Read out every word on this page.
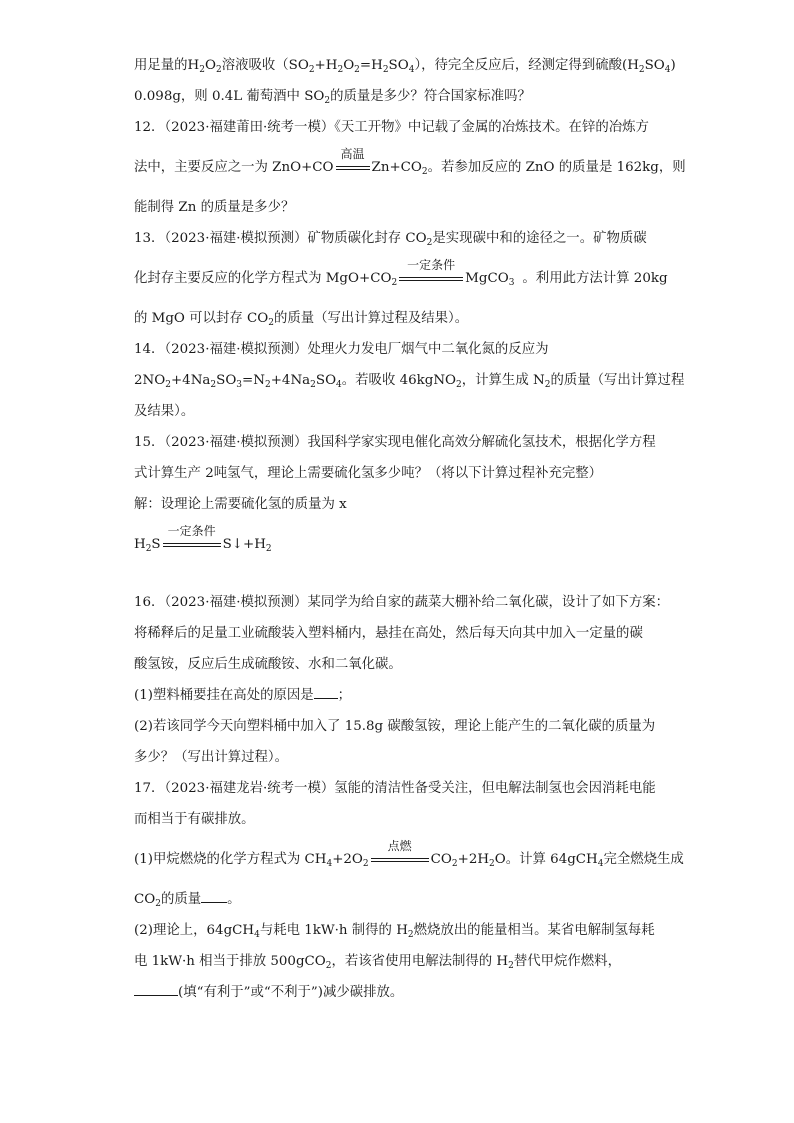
用足量的$H_2O_2$溶液吸收$(SO_2+H_2O_2=H_2SO_4)$，待完全反应后，经测定得到硫酸$(H_2SO_4)$

0.098g，则 0.4L 葡萄酒中 $SO_2$的质量是多少？符合国家标准吗？

12．（2023·福建莆田·统考一模）《天工开物》中记载了金属的冶炼技术。在锌的冶炼方

法中，主要反应之一为 ZnO+CO
高温
$Zn+CO_2$。若参加反应的 ZnO 的质量是 162kg，则

能制得 Zn 的质量是多少？

13．（2023·福建·模拟预测）矿物质碳化封存 $CO_2$是实现碳中和的途径之一。矿物质碳

化封存主要反应的化学方程式为 $MgO+CO_2$
一定条件
MgCO$_3$ 。利用此方法计算 20kg

的 MgO 可以封存 $CO_2$的质量（写出计算过程及结果）。

14．（2023·福建·模拟预测）处理火力发电厂烟气中二氧化氮的反应为

$2NO_2+4Na_2SO_3=N_2+4Na_2SO_4$。若吸收 46kgNO$_2$，计算生成 $N_2$的质量（写出计算过程

及结果）。

15．（2023·福建·模拟预测）我国科学家实现电催化高效分解硫化氢技术，根据化学方程

式计算生产 2吨氢气，理论上需要硫化氢多少吨？（将以下计算过程补充完整）

解：设理论上需要硫化氢的质量为 x

$H_2S$
一定条件
$S↓+H_2$

16．（2023·福建·模拟预测）某同学为给自家的蔬菜大棚补给二氧化碳，设计了如下方案：

将稀释后的足量工业硫酸装入塑料桶内，悬挂在高处，然后每天向其中加入一定量的碳

酸氢铵，反应后生成硫酸铵、水和二氧化碳。

(1)塑料桶要挂在高处的原因是 ；

(2)若该同学今天向塑料桶中加入了 15.8g 碳酸氢铵，理论上能产生的二氧化碳的质量为

多少？（写出计算过程）。

17．（2023·福建龙岩·统考一模）氢能的清洁性备受关注，但电解法制氢也会因消耗电能

而相当于有碳排放。

(1)甲烷燃烧的化学方程式为 $CH_4+2O_2$
点燃
$CO_2+2H_2O$。计算 64gCH$_4$完全燃烧生成

$CO_2$的质量 。

(2)理论上，64gCH$_4$与耗电 1kW·h 制得的 $H_2$燃烧放出的能量相当。某省电解制氢每耗

电 1kW·h 相当于排放 500gCO$_2$，若该省使用电解法制得的 $H_2$替代甲烷作燃料，

(填“有利于”或“不利于”)减少碳排放。
